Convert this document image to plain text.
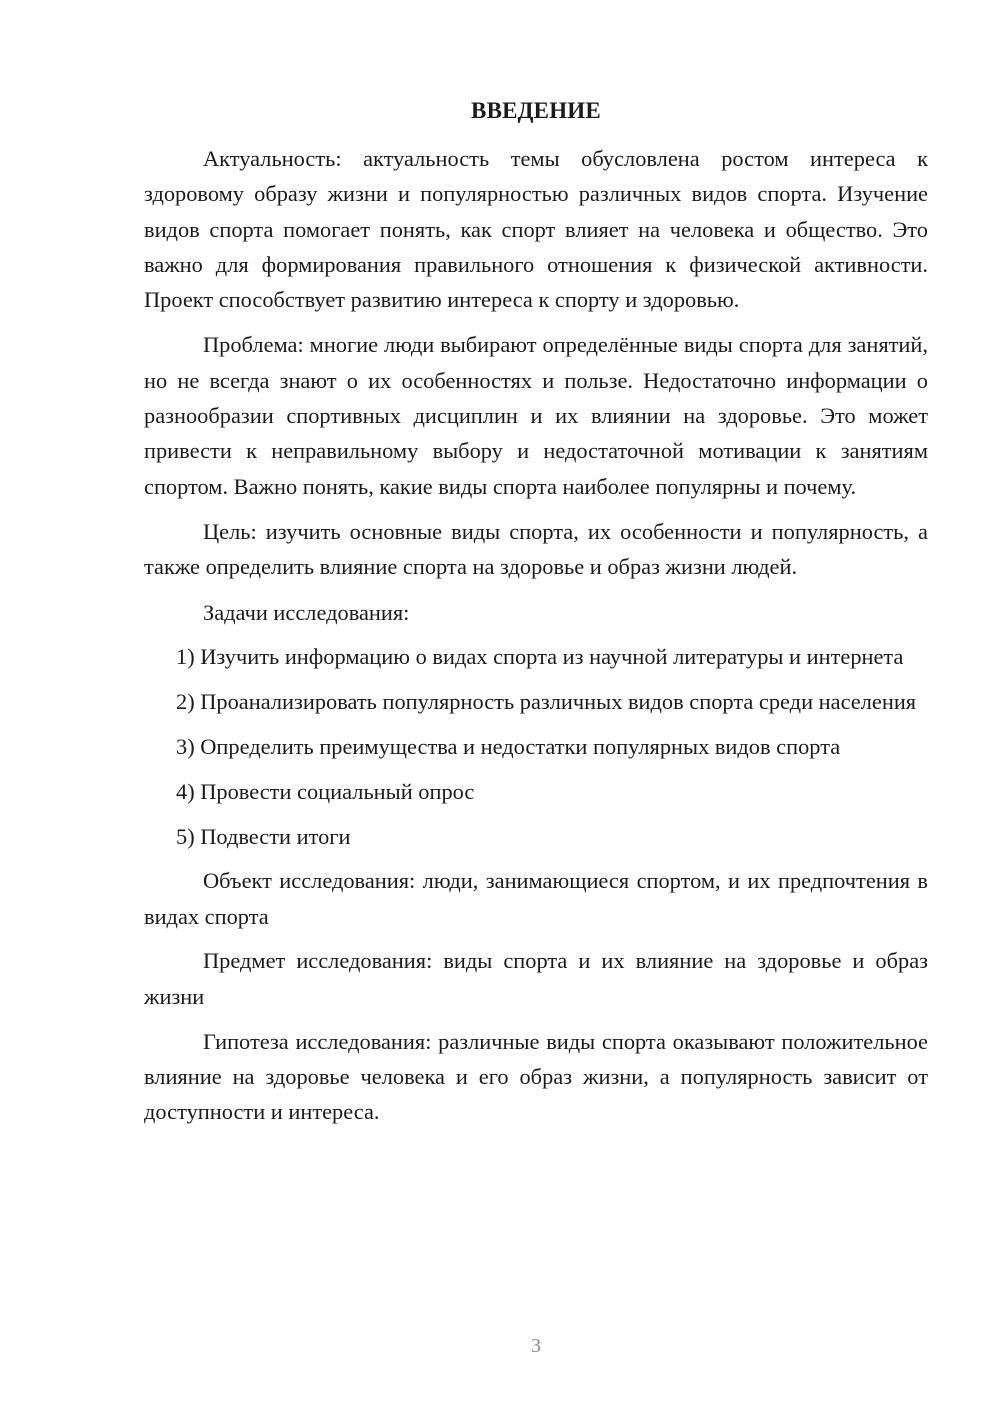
ВВЕДЕНИЕ

Актуальность: актуальность темы обусловлена ростом интереса к здоровому образу жизни и популярностью различных видов спорта. Изучение видов спорта помогает понять, как спорт влияет на человека и общество. Это важно для формирования правильного отношения к физической активности. Проект способствует развитию интереса к спорту и здоровью.

Проблема: многие люди выбирают определённые виды спорта для занятий, но не всегда знают о их особенностях и пользе. Недостаточно информации о разнообразии спортивных дисциплин и их влиянии на здоровье. Это может привести к неправильному выбору и недостаточной мотивации к занятиям спортом. Важно понять, какие виды спорта наиболее популярны и почему.

Цель: изучить основные виды спорта, их особенности и популярность, а также определить влияние спорта на здоровье и образ жизни людей.

Задачи исследования:

1) Изучить информацию о видах спорта из научной литературы и интернета

2) Проанализировать популярность различных видов спорта среди населения

3) Определить преимущества и недостатки популярных видов спорта

4) Провести социальный опрос

5) Подвести итоги

Объект исследования: люди, занимающиеся спортом, и их предпочтения в видах спорта

Предмет исследования: виды спорта и их влияние на здоровье и образ жизни

Гипотеза исследования: различные виды спорта оказывают положительное влияние на здоровье человека и его образ жизни, а популярность зависит от доступности и интереса.

3
